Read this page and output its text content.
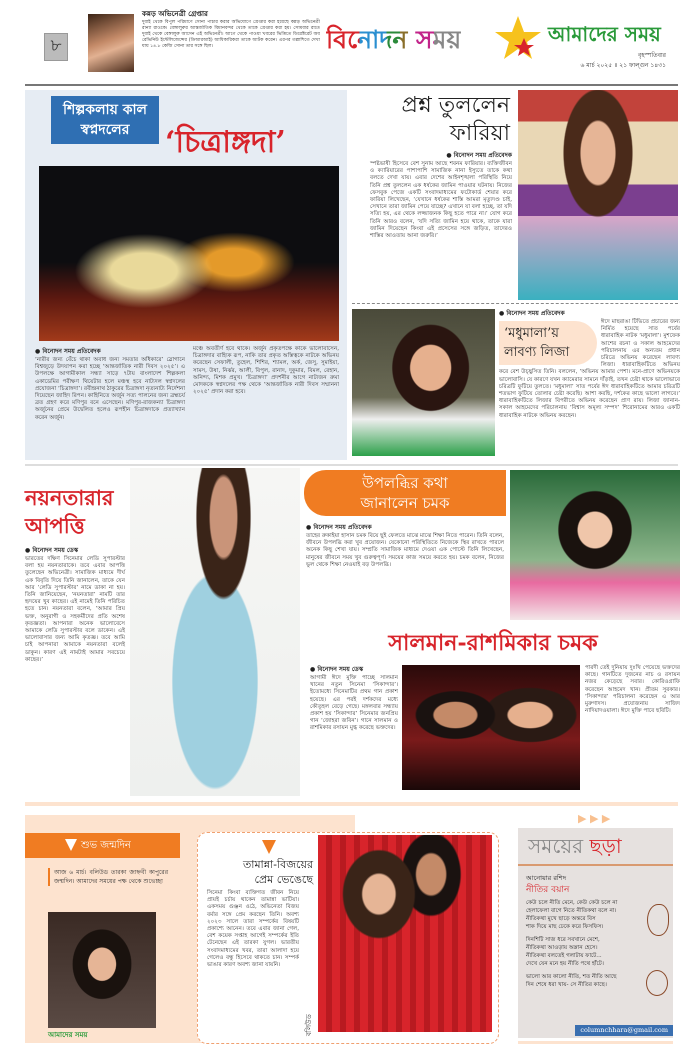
৮
কন্নড় অভিনেত্রী গ্রেপ্তার
দুবাই থেকে বিপুল পরিমাণে সোনা পাচার করার অভিযোগে গ্রেপ্তার করা হয়েছে কন্নড় অভিনেত্রী রান্যা রাওকে। বেঙ্গালুরুর আন্তর্জাতিক বিমানবন্দর থেকে তাকে গ্রেপ্তার করা হয়। সোমবার রাতে দুবাই থেকে বেঙ্গালুরু আসেন এই অভিনেত্রী। আগে থেকে পাওয়া খবরের ভিত্তিতে ডিরেক্টরেট অব রেভিনিউ ইন্টেলিজেন্সের (ডিআরআই) আধিকারিকরা তাকে আটক করেন। এরপর তল্লাশিতে দেখা যায় ১৪.৮ কেজি সোনা তার সঙ্গে ছিল।	বিনোদন সময়	আমাদের সময়
বৃহস্পতিবার
৬ মার্চ ২০২৫ ॥ ২১ ফাল্গুন ১৪৩১
শিল্পকলায় কাল স্বপ্নদলের	‘চিত্রাঙ্গদা’
● বিনোদন সময় প্রতিবেদক
‘নারীর জন্য বেঁচে থাকা অবাধ জন্য সমতার অধিকারে’ স্লোগানে বিশ্বজুড়ে উদযাপন করা হচ্ছে ‘আন্তর্জাতিক নারী দিবস ২০২৫’। এ উপলক্ষে আগামীকাল সন্ধ্যা সাড়ে ৭টায় বাংলাদেশ শিল্পকলা একাডেমির পরীক্ষণ থিয়েটার হলে মঞ্চস্থ হবে নাট্যদল স্বপ্নদলের প্রযোজনা ‘চিত্রাঙ্গদা’। রবীন্দ্রনাথ ঠাকুরের চিত্রাঙ্গদা নৃত্যনাট্য নির্দেশনা দিয়েছেন জাহিদ রিপন। কাহিনিতে অর্জুন সত্য পালনের জন্য ব্রহ্মচর্য ব্রত গ্রহণ করে মণিপুর বনে এসেছেন। মণিপুর-রাজকন্যা চিত্রাঙ্গদা অর্জুনের প্রেমে উদ্বেলিত হলেও রূপহীন চিত্রাঙ্গদাকে প্রত্যাখ্যান করেন অর্জুন।
মঞ্চে অবতীর্ণ হবে থাকে। অর্জুন প্রকৃতপক্ষে কাকে ভালোবাসেন, চিত্রাঙ্গদার বাহ্যিক রূপ, নাকি তার প্রকৃত অস্তিত্বকে নাটকে অভিনয় করেছেন সেফালী, তুহেল, শিশির, শ্যামল, অর্ক, জেসু, সুমাইয়া, সামস, উষা, নির্ঝর, আলী, বিপুল, রানাদ, দুকুমার, বিমল, রেহান, অনিন্দ্য, মিশক প্রমুখ। ‘চিত্রাঙ্গদা’ প্রদর্শনীর আগে নাট্যজন রুমা মোদককে স্বপ্নদলের পক্ষ থেকে ‘আন্তর্জাতিক নারী দিবস সম্মাননা ২০২৫’ প্রদান করা হবে।
প্রশ্ন তুললেন
ফারিয়া
● বিনোদন সময় প্রতিবেদক
স্পষ্টভাষী হিসেবে বেশ সুনাম আছে শবনম ফারিয়ার। ব্যক্তিজীবন ও ক্যারিয়ারের পাশাপাশি সামাজিক নানা ইস্যুতে তাকে কথা বলতে দেখা যায়। এবার দেশের আইনশৃঙ্খলা পরিস্থিতি নিয়ে তিনি প্রশ্ন তুললেন এক ধর্ষকের জামিন পাওয়ার ঘটনায়। নিজের ফেসবুক পেজে একটি সংবাদমাধ্যমের ফটোকার্ড শেয়ার করে ফারিয়া লিখেছেন, ‘যেখানে ধর্ষকের শাস্তি আমরা মৃত্যুদণ্ড চাই, সেখানে তারা জামিন পেয়ে যাচ্ছে? এখানে যা বলা হচ্ছে, তা যদি সত্যি হয়, এর থেকে লজ্জাজনক কিছু হতে পারে না।’ যোগ করে তিনি আরও বলেন, ‘যদি সত্যি জামিন হয়ে থাকে, তাকে যারা জামিন দিয়েছেন কিংবা এই প্রসেসের সঙ্গে জড়িত, তাদেরও শাস্তির আওতায় আনা জরুরি।’
● বিনোদন সময় প্রতিবেদক
‘মধুমালা’য়
লাবণ্য লিজা
ঈদে মাছরাঙা টিভিতে প্রচারের জন্য নির্মিত হয়েছে সাত পর্বের ধারাবাহিক নাটক ‘মধুমালা’। মুশফেক আশের রচনা ও সকাল আহমেদের পরিচালনায় এর অন্যতম প্রধান চরিত্রে অভিনয় করেছেন লাবণ্য লিজা। ধারাবাহিকটিতে অভিনয় করে বেশ উচ্ছ্বসিত তিনি। বললেন, ‘অভিনয় আমার পেশা। মনে-প্রাণে অভিনয়কে ভালোবাসি। যে কারণে যখন ক্যামেরার সামনে দাঁড়াই, তখন চেষ্টা থাকে ভালোভাবে চরিত্রটি ফুটিয়ে তুলতে। ‘মধুমালা’ সাত পর্বের ঈদ ধারাবাহিকটিতে আমার চরিত্রটি শতভাগ ফুটিয়ে তোলার চেষ্টা করেছি। আশা করছি, দর্শকের কাছে ভালো লাগবে।’ ধারাবাহিকটিতে লিজার বিপরীতে অভিনয় করেছেন প্রাণ রায়। লিজা জানান- সকাল আহমেদের পরিচালনায় ‘বিশ্বাস অমূল্য সম্পদ’ শিরোনামের আরও একটি ধারাবাহিক নাটকে অভিনয় করছেন।
নয়নতারার
আপত্তি
● বিনোদন সময় ডেস্ক
ভারতের দক্ষিণ সিনেমার লেডি সুপারস্টার বলা হয় নয়নতারাকে। তবে এবার আপত্তি তুলেছেন অভিনেত্রী। সামাজিক মাধ্যমে দীর্ঘ এক বিবৃতি দিয়ে তিনি জানালেন, তাকে যেন আর ‘লেডি সুপারস্টার’ নামে ডাকা না হয়। তিনি জানিয়েছেন, ‘নয়নতারা’ নামটি তার হৃদয়ের খুব কাছের। এই নামেই তিনি পরিচিত হতে চান। নয়নতারা বলেন, ‘আমার প্রিয় ভক্ত, অনুরাগী ও সহকর্মীদের প্রতি অশেষ কৃতজ্ঞতা। আপনারা অনেক ভালোবেসে আমাকে লেডি সুপারস্টার বলে ডাকেন। এই ভালোবাসার জন্য আমি কৃতজ্ঞ। তবে আমি চাই আপনারা আমাকে নয়নতারা বলেই ডাকুন। কারণ এই নামটাই আমার সবচেয়ে কাছের।’
উপলব্ধির কথা
জানালেন চমক
● বিনোদন সময় প্রতিবেদক
তাহের রুকাইয়া হাসান চমক বিয়ে ছুই ফেলতে মাঝে মাঝে শিক্ষা নিতে পারেন। তিনি বলেন, জীবনে উপলব্ধি করা খুব প্রয়োজন। যেকোনো পরিস্থিতিতে নিজেকে স্থির রাখতে পারলে অনেক কিছু শেখা যায়। সম্প্রতি সামাজিক মাধ্যমে দেওয়া এক পোস্টে তিনি লিখেছেন, মানুষের জীবনে সময় খুব গুরুত্বপূর্ণ। সময়ের কাজ সময়ে করতে হয়। চমক বলেন, নিজের ভুল থেকে শিক্ষা নেওয়াই বড় উপলব্ধি।
সালমান-রাশমিকার চমক
● বিনোদন সময় ডেস্ক
আগামী ঈদে মুক্তি পাচ্ছে সালমান খানের নতুন সিনেমা ‘সিকান্দার’। ইতোমধ্যে সিনেমাটির প্রথম গান প্রকাশ হয়েছে। এর পরই দর্শকদের মধ্যে কৌতূহল বেড়ে গেছে। মঙ্গলবার সন্ধ্যায় প্রকাশ হয় ‘সিকান্দার’ সিনেমার জনপ্রিয় গান ‘জোহরা জবিন’। গানে সালমান ও রাশমিকার রসায়ন মুগ্ধ করেছে ভক্তদের।
পারদী তেই দুনিয়ায় দুঃখি পেয়েছে ভক্তদের কাছে। গানটিতে দুজনের নাচ ও রসায়ন নজর কেড়েছে সবার। কোরিওগ্রাফি করেছেন আহমেদ খান। প্রীতম সুরকার। ‘সিকান্দার’ পরিচালনা করেছেন এ আর মুরুগাদস। প্রযোজনায় সাজিদ নাদিয়াদওয়ালা। ঈদে মুক্তি পাবে ছবিটি।
শুভ জন্মদিন
আজ ৬ মার্চ। বলিউড তারকা জাহ্নবী কাপুরের জন্মদিন। আমাদের সময়ের পক্ষ থেকে শুভেচ্ছা
আমাদের সময়
তামান্না-বিজয়ের
প্রেম ভেঙেছে
সিনেমা কিংবা ব্যক্তিগত জীবন নিয়ে প্রায়ই চর্চায় থাকেন তামান্না ভাটিয়া। একসময় গুঞ্জন ওঠে, অভিনেতা বিজয় বর্মার সঙ্গে প্রেম করছেন তিনি। অবশ্য ২০২৩ সালে তারা সম্পর্কের বিষয়টি প্রকাশ্যে আনেন। তবে এবার জানা গেল, বেশ কয়েক সপ্তাহ আগেই সম্পর্কের ইতি টেনেছেন এই তারকা যুগল। ভারতীয় সংবাদমাধ্যমের খবর, তারা আলাদা হয়ে গেলেও বন্ধু হিসেবে থাকতে চান। সম্পর্ক ভাঙার কারণ অবশ্য জানা যায়নি।
বলিউড
▶ ▶ ▶
সময়ের ছড়া
আনোয়ার রশিদ
নীতির বয়ান
কেউ চলে নীতি মেনে, কেউ কেউ চলে না
হেলাফেলা বাগে নিতে নীতিকথা বলে না।
নীতিকথা মুখে ছাড়ে অন্তরে বিস
শাক দিয়ে মাছ ঢেকে করে ফিসফিস।
দিনশিটি সাজ ধরে সবখানে মেশে,
নীতিকথা আওড়ায় অম্লান হেসে।
নীতিকথা বলতেই গলাটায় ফাটে...
দেখে যেন মনে হয় নীতি পথে হাঁটে।
ভালো আর কালো নীতি, শত নীতি আছে
দিন শেষে ধরা খায়- সে নীতির কাছে।
columnchhara@gmail.com
